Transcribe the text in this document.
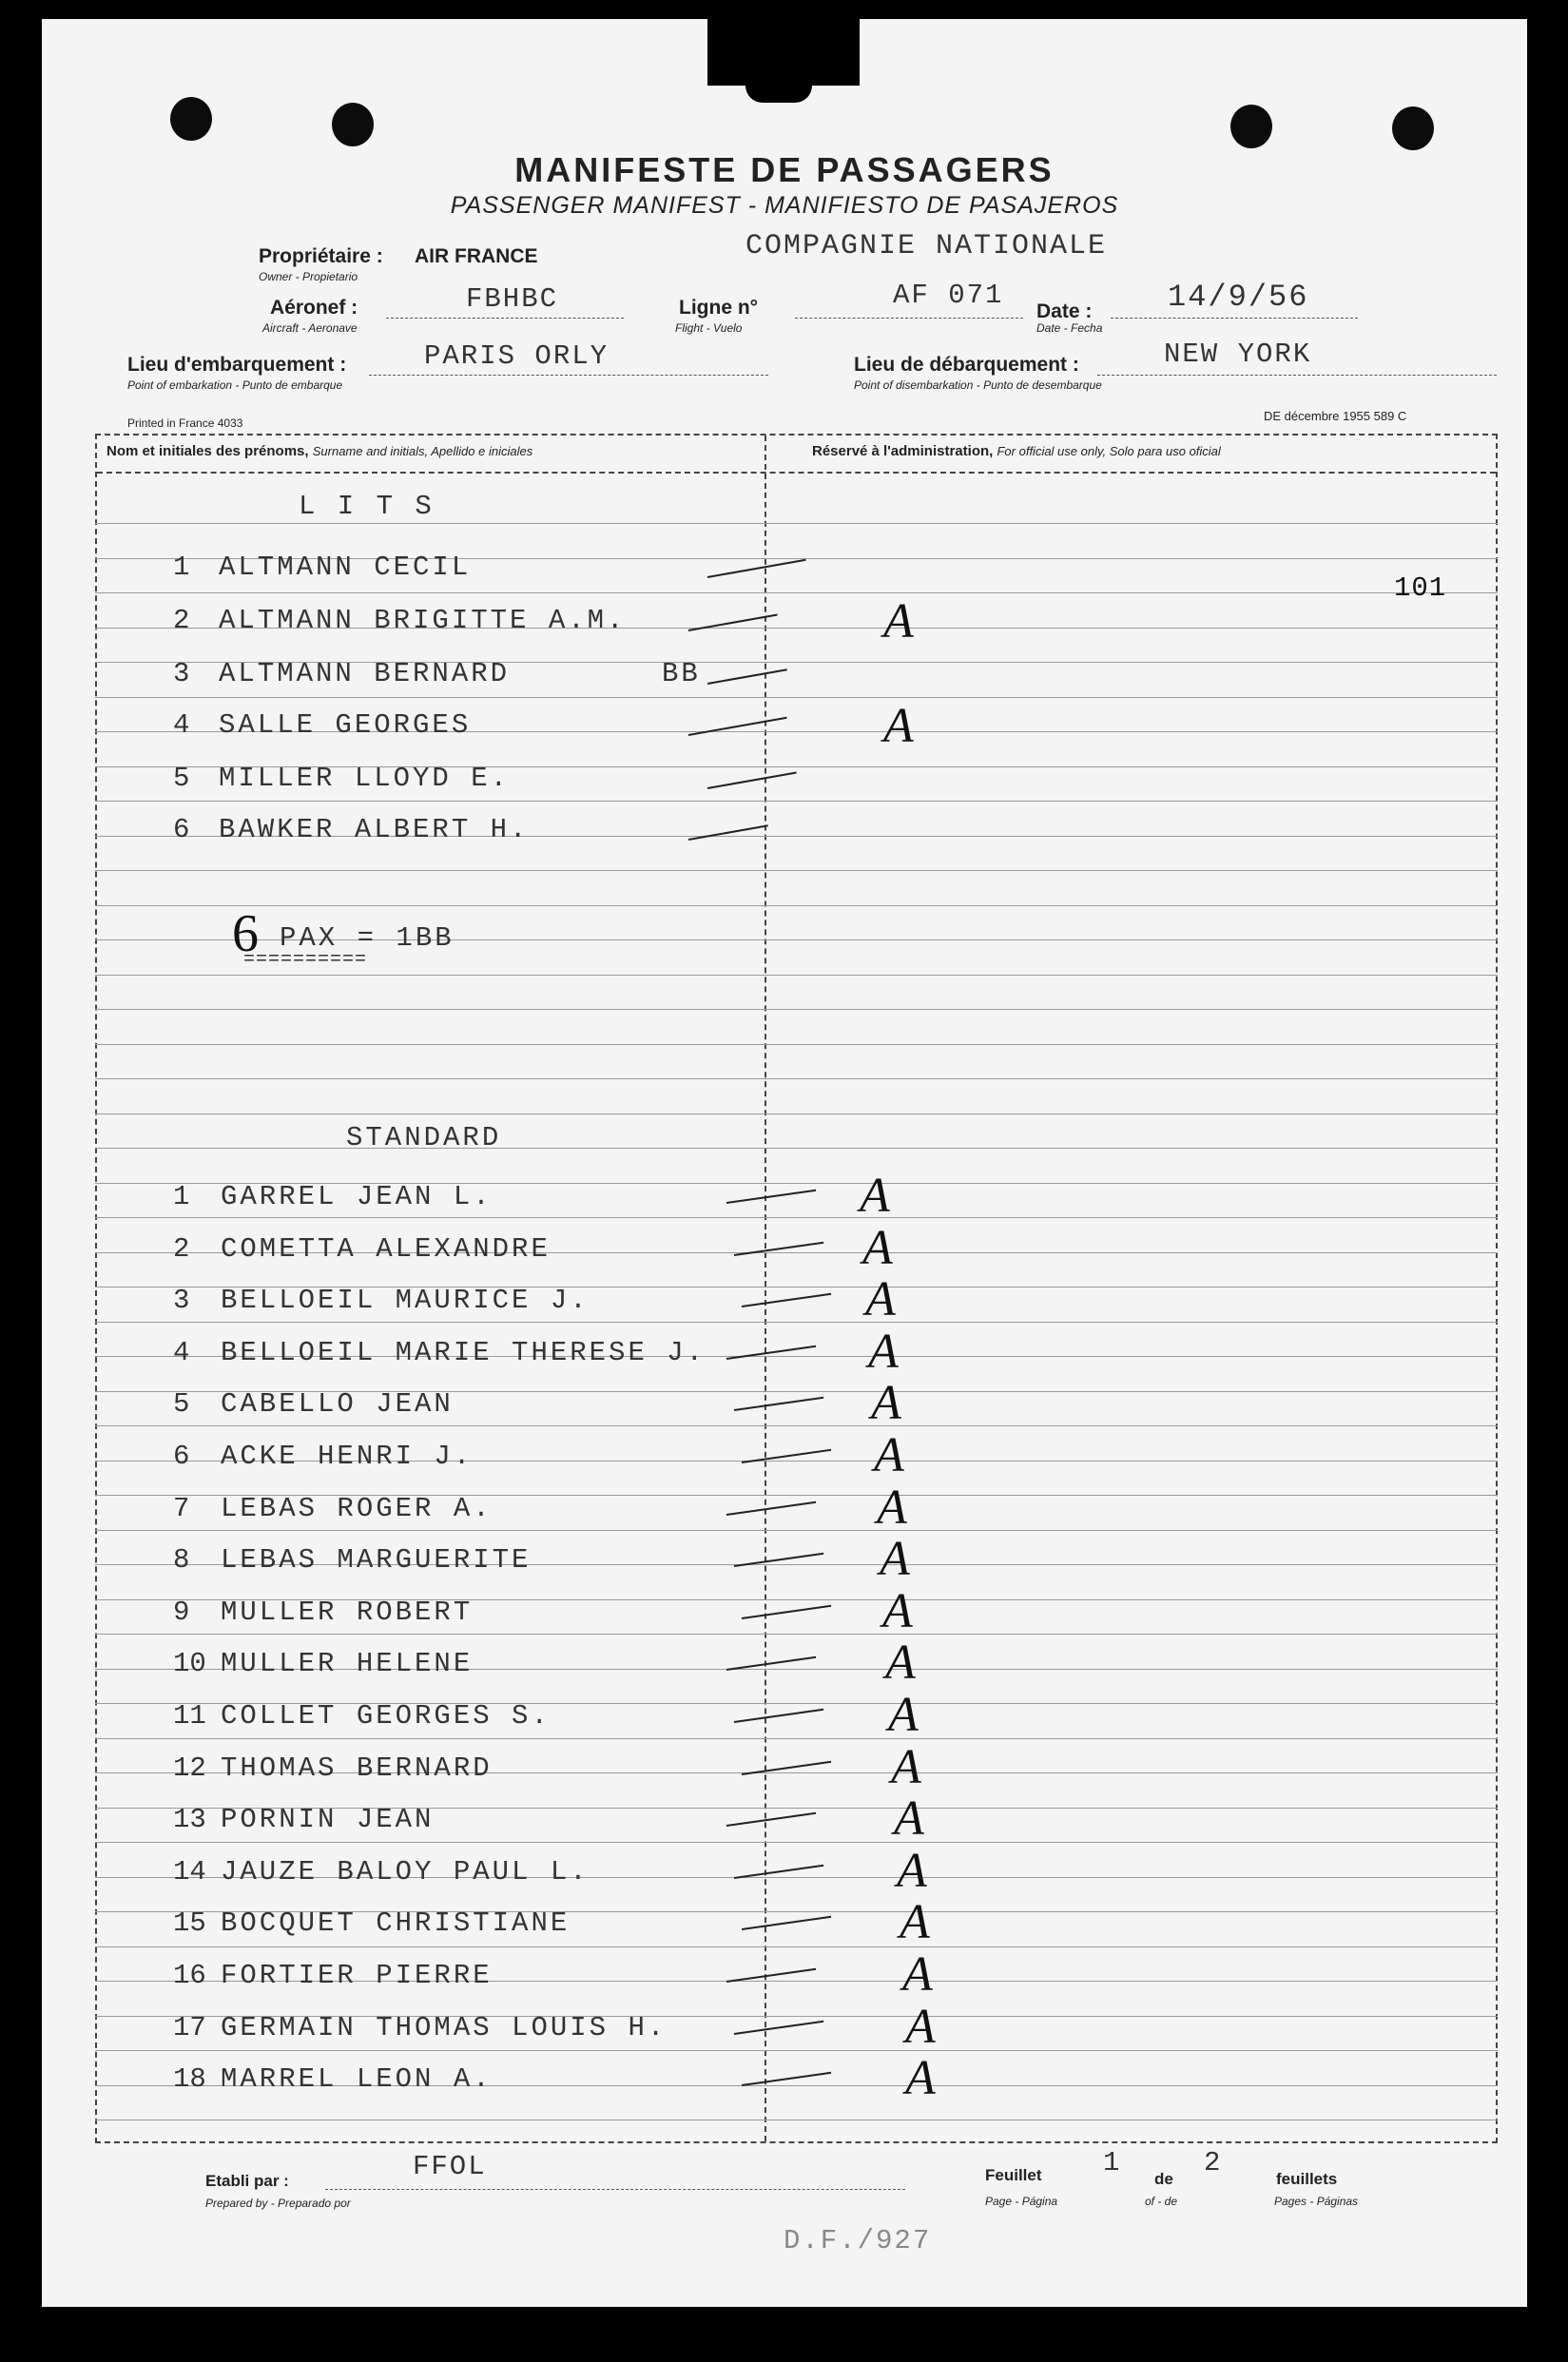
MANIFESTE DE PASSAGERS
PASSENGER MANIFEST - MANIFIESTO DE PASAJEROS
Propriétaire : AIR FRANCE
Owner - Propietario
COMPAGNIE NATIONALE
Aéronef :	FBHBC
Aircraft - Aeronave
Ligne n°	AF 071
Flight - Vuelo
Date : 14/9/56
Date - Fecha
Lieu d'embarquement :	PARIS ORLY
Point of embarkation - Punto de embarque
Lieu de débarquement :	NEW YORK
Point of disembarkation - Punto de desembarque
Printed in France 4033	DE décembre 1955 589 C
Nom et initiales des prénoms, Surname and initials, Apellido e iniciales	Réservé à l'administration, For official use only, Solo para uso oficial
L I T S
101
1 ALTMANN CECIL
2 ALTMANN BRIGITTE A.M.	A
3 ALTMANN BERNARD	BB
4 SALLE GEORGES	A
5 MILLER LLOYD E.
6 BAWKER ALBERT H.
6 PAX = 1BB
==========
STANDARD
1 GARREL JEAN L.	A
2 COMETTA ALEXANDRE	A
3 BELLOEIL MAURICE J.	A
4 BELLOEIL MARIE THERESE J.	A
5 CABELLO JEAN	A
6 ACKE HENRI J.	A
7 LEBAS ROGER A.	A
8 LEBAS MARGUERITE	A
9 MULLER ROBERT	A
10 MULLER HELENE	A
11 COLLET GEORGES S.	A
12 THOMAS BERNARD	A
13 PORNIN JEAN	A
14 JAUZE BALOY PAUL L.	A
15 BOCQUET CHRISTIANE	A
16 FORTIER PIERRE	A
17 GERMAIN THOMAS LOUIS H.	A
18 MARREL LEON A.	A
Etabli par :	FFOL
Prepared by - Preparado por
Feuillet 1
de
2
feuillets
Page - Página	of - de	Pages - Páginas
D.F./927
